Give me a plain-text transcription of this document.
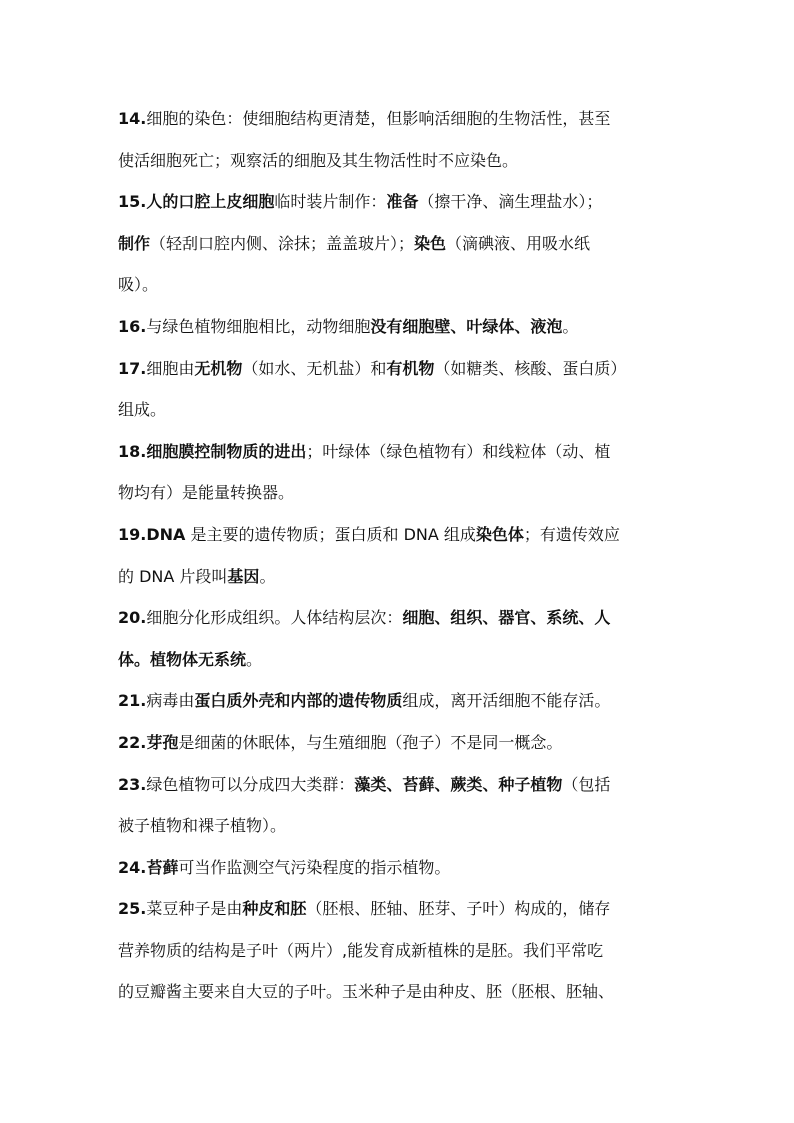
14.细胞的染色：使细胞结构更清楚，但影响活细胞的生物活性，甚至
使活细胞死亡；观察活的细胞及其生物活性时不应染色。
15.人的口腔上皮细胞临时装片制作：准备（擦干净、滴生理盐水）；
制作（轻刮口腔内侧、涂抹；盖盖玻片）；染色（滴碘液、用吸水纸
吸）。
16.与绿色植物细胞相比，动物细胞没有细胞壁、叶绿体、液泡。
17.细胞由无机物（如水、无机盐）和有机物（如糖类、核酸、蛋白质）
组成。
18.细胞膜控制物质的进出；叶绿体（绿色植物有）和线粒体（动、植
物均有）是能量转换器。
19.DNA 是主要的遗传物质；蛋白质和 DNA 组成染色体；有遗传效应
的 DNA 片段叫基因。
20.细胞分化形成组织。人体结构层次：细胞、组织、器官、系统、人
体。植物体无系统。
21.病毒由蛋白质外壳和内部的遗传物质组成，离开活细胞不能存活。
22.芽孢是细菌的休眠体，与生殖细胞（孢子）不是同一概念。
23.绿色植物可以分成四大类群：藻类、苔藓、蕨类、种子植物（包括
被子植物和裸子植物）。
24.苔藓可当作监测空气污染程度的指示植物。
25.菜豆种子是由种皮和胚（胚根、胚轴、胚芽、子叶）构成的，储存
营养物质的结构是子叶（两片）,能发育成新植株的是胚。我们平常吃
的豆瓣酱主要来自大豆的子叶。玉米种子是由种皮、胚（胚根、胚轴、
